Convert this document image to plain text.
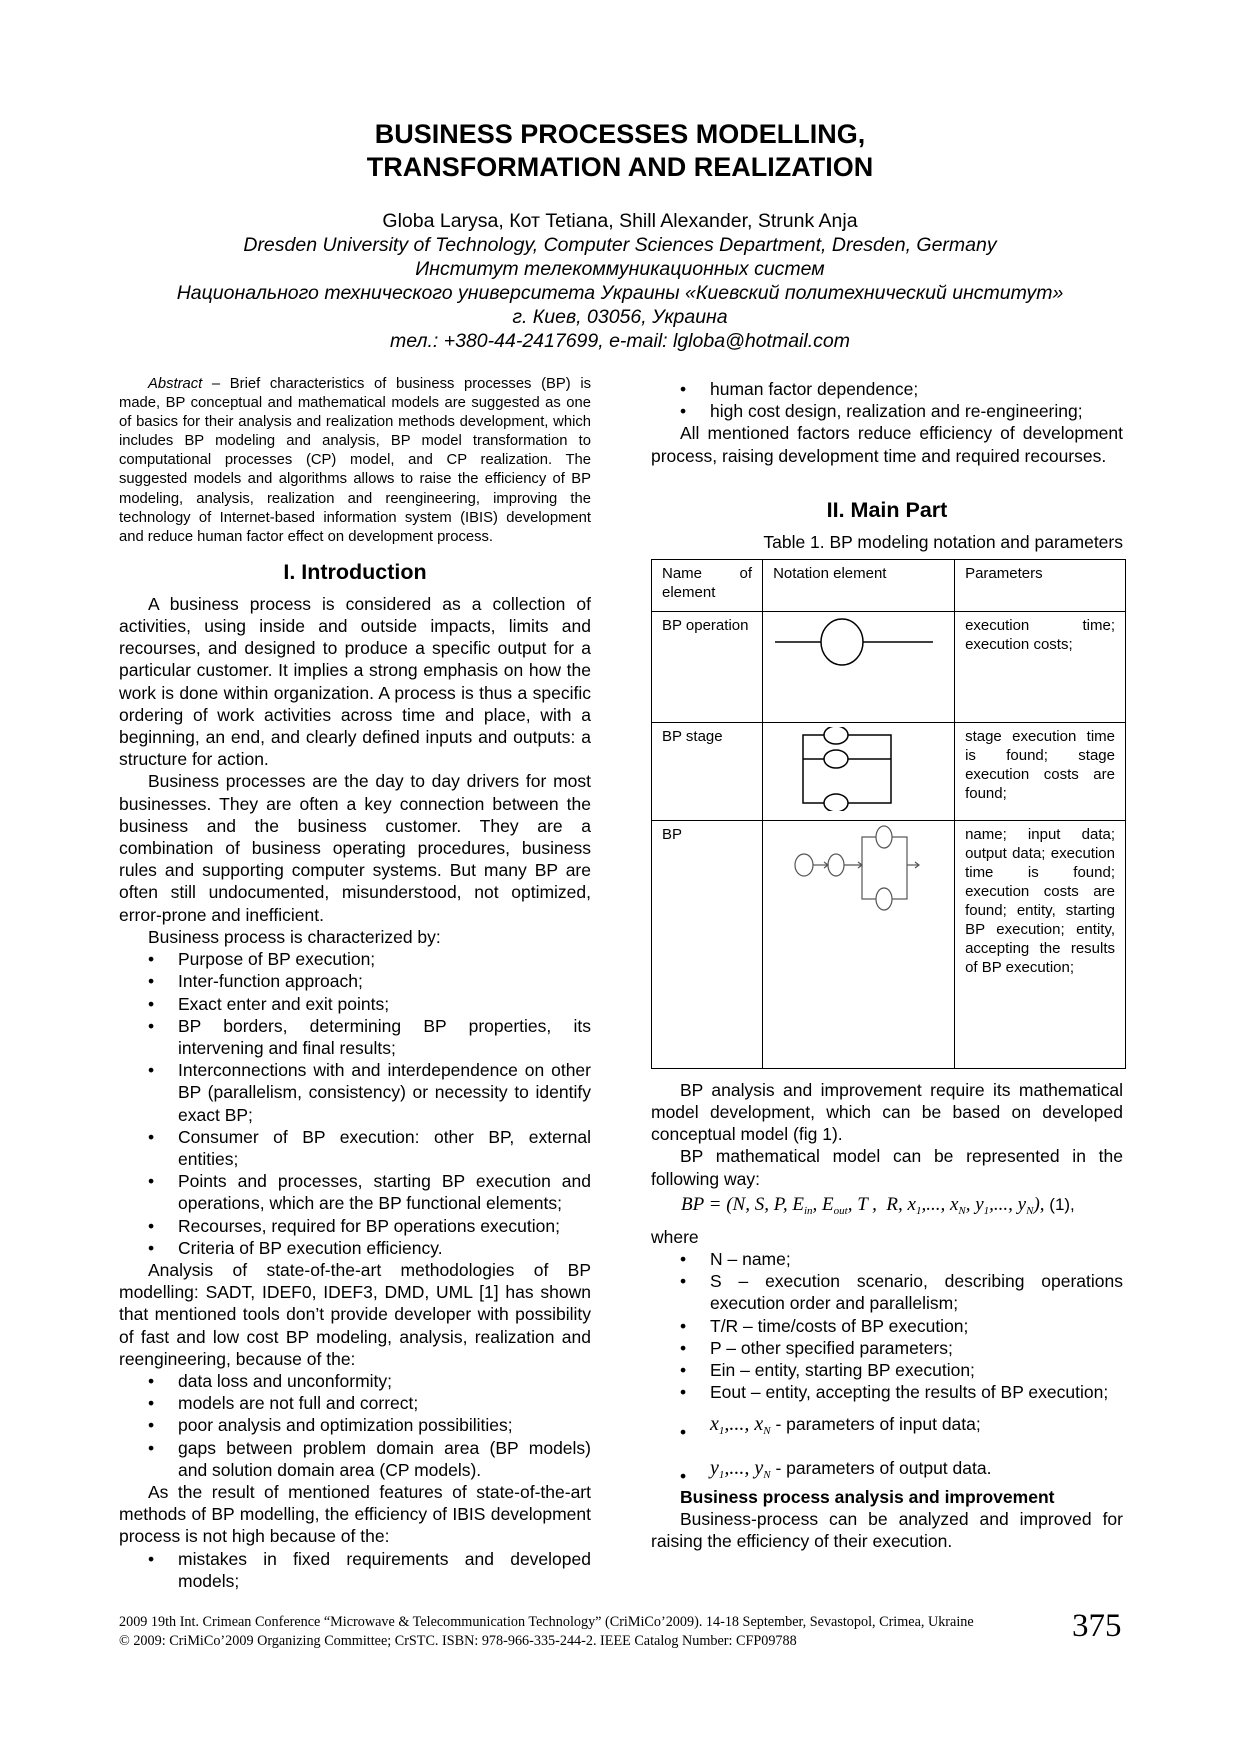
BUSINESS PROCESSES MODELLING,
TRANSFORMATION AND REALIZATION
Globa Larysa, Кот Tetiana, Shill Alexander, Strunk Anja
Dresden University of Technology, Computer Sciences Department, Dresden, Germany
Институт телекоммуникационных систем
Национального технического университета Украины «Киевский политехнический институт»
г. Киев, 03056, Украина
тел.: +380-44-2417699, e-mail: lgloba@hotmail.com

Abstract – Brief characteristics of business processes (BP) is made, BP conceptual and mathematical models are suggested as one of basics for their analysis and realization methods development, which includes BP modeling and analysis, BP model transformation to computational processes (CP) model, and CP realization. The suggested models and algorithms allows to raise the efficiency of BP modeling, analysis, realization and reengineering, improving the technology of Internet-based information system (IBIS) development and reduce human factor effect on development process.

I. Introduction

A business process is considered as a collection of activities, using inside and outside impacts, limits and recourses, and designed to produce a specific output for a particular customer. It implies a strong emphasis on how the work is done within organization. A process is thus a specific ordering of work activities across time and place, with a beginning, an end, and clearly defined inputs and outputs: a structure for action.

Business processes are the day to day drivers for most businesses. They are often a key connection between the business and the business customer. They are a combination of business operating procedures, business rules and supporting computer systems. But many BP are often still undocumented, misunderstood, not optimized, error-prone and inefficient.

Business process is characterized by:

• Purpose of BP execution;
• Inter-function approach;
• Exact enter and exit points;
• BP borders, determining BP properties, its intervening and final results;
• Interconnections with and interdependence on other BP (parallelism, consistency) or necessity to identify exact BP;
• Consumer of BP execution: other BP, external entities;
• Points and processes, starting BP execution and operations, which are the BP functional elements;
• Recourses, required for BP operations execution;
• Criteria of BP execution efficiency.

Analysis of state-of-the-art methodologies of BP modelling: SADT, IDEF0, IDEF3, DMD, UML [1] has shown that mentioned tools don’t provide developer with possibility of fast and low cost BP modeling, analysis, realization and reengineering, because of the:

• data loss and unconformity;
• models are not full and correct;
• poor analysis and optimization possibilities;
• gaps between problem domain area (BP models) and solution domain area (CP models).

As the result of mentioned features of state-of-the-art methods of BP modelling, the efficiency of IBIS development process is not high because of the:

• mistakes in fixed requirements and developed models;
• human factor dependence;
• high cost design, realization and re-engineering;

All mentioned factors reduce efficiency of development process, raising development time and required recourses.

II. Main Part
Table 1. BP modeling notation and parameters
Name of element	Notation element	Parameters
BP operation		execution time; execution costs;
BP stage		stage execution time is found; stage execution costs are found;
BP		name; input data; output data; execution time is found; execution costs are found; entity, starting BP execution; entity, accepting the results of BP execution;

BP analysis and improvement require its mathematical model development, which can be based on developed conceptual model (fig 1).

BP mathematical model can be represented in the following way:

BP = (N, S, P, $E_{in}$, $E_{out}$, T ,  R, $x_1$,..., $x_N$, $y_1$,..., $y_N$), (1),

where

• N – name;
• S – execution scenario, describing operations execution order and parallelism;
• T/R – time/costs of BP execution;
• P – other specified parameters;
• Ein – entity, starting BP execution;
• Eout – entity, accepting the results of BP execution;
• $x_1$,..., $x_N$ - parameters of input data;
• $y_1$,..., $y_N$ - parameters of output data.

Business process analysis and improvement

Business-process can be analyzed and improved for raising the efficiency of their execution.

2009 19th Int. Crimean Conference “Microwave & Telecommunication Technology” (CriMiCo’2009). 14-18 September, Sevastopol, Crimea, Ukraine
© 2009: CriMiCo’2009 Organizing Committee; CrSTC. ISBN: 978-966-335-244-2. IEEE Catalog Number: CFP09788	375
